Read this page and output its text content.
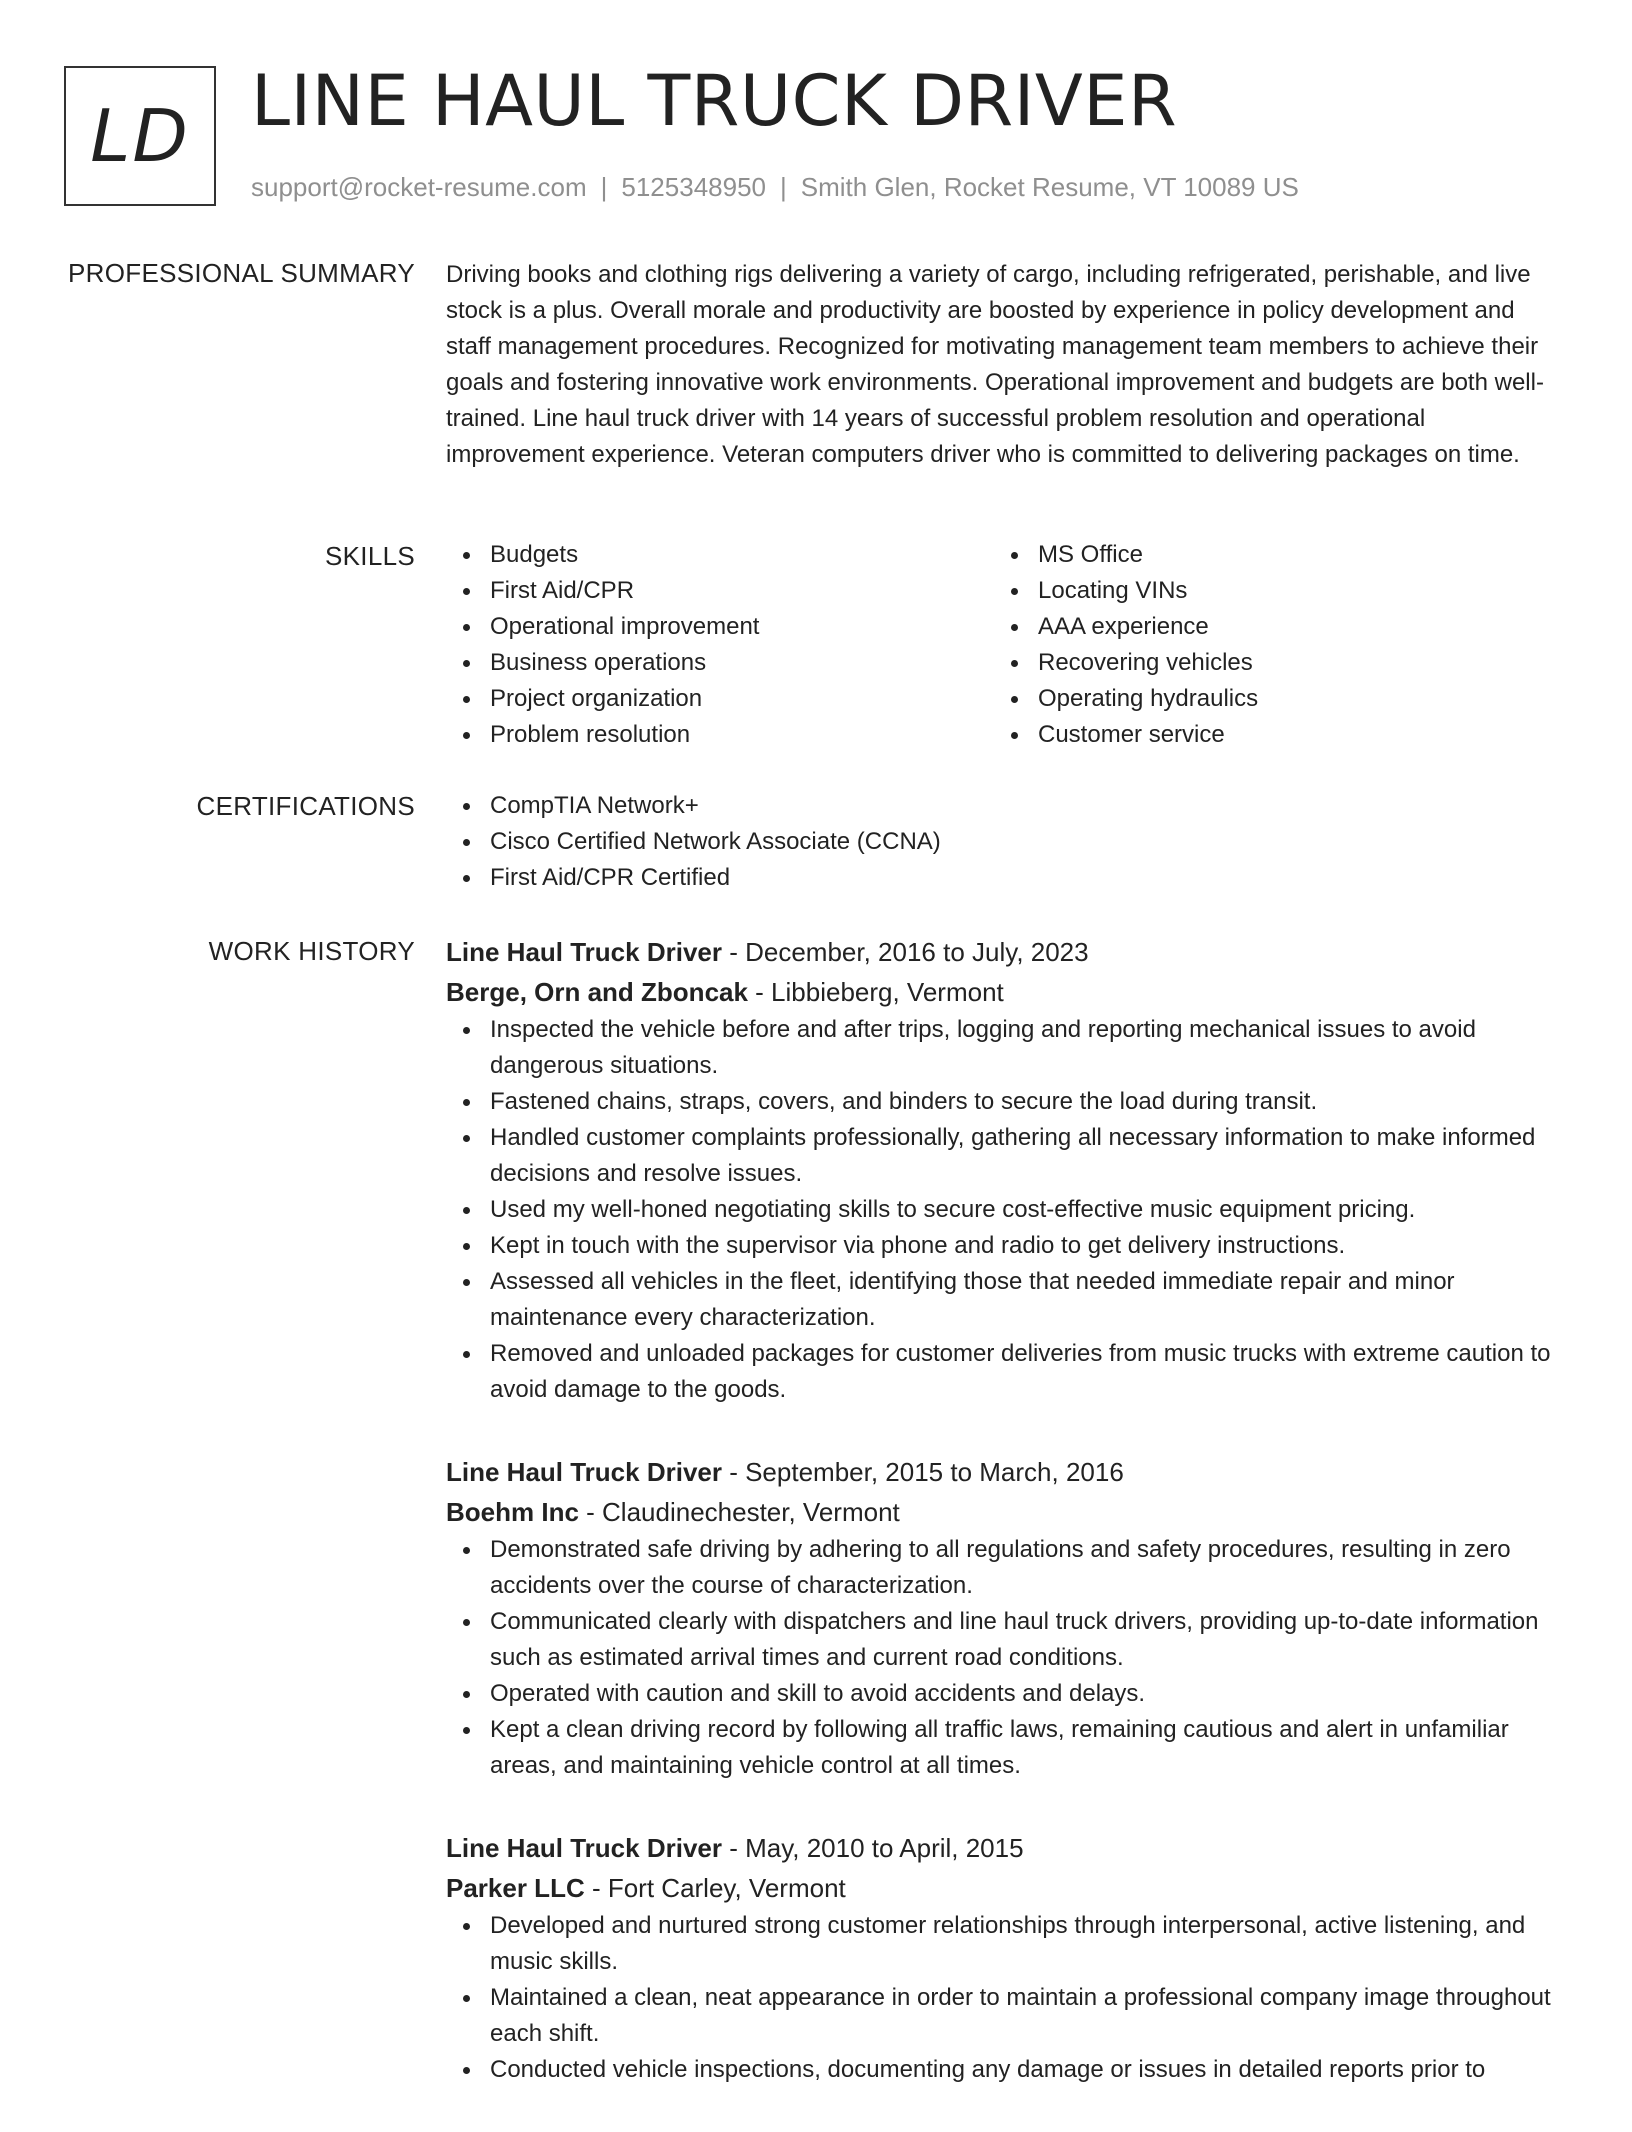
LD LINE HAUL TRUCK DRIVER
support@rocket-resume.com | 5125348950 | Smith Glen, Rocket Resume, VT 10089 US
PROFESSIONAL SUMMARY Driving books and clothing rigs delivering a variety of cargo, including refrigerated, perishable, and live stock is a plus. Overall morale and productivity are boosted by experience in policy development and staff management procedures. Recognized for motivating management team members to achieve their goals and fostering innovative work environments. Operational improvement and budgets are both well-trained. Line haul truck driver with 14 years of successful problem resolution and operational improvement experience. Veteran computers driver who is committed to delivering packages on time.

SKILLS	Budgets
First Aid/CPR
Operational improvement
Business operations
Project organization
Problem resolution
MS Office
Locating VINs
AAA experience
Recovering vehicles
Operating hydraulics
Customer service
CERTIFICATIONS	CompTIA Network+
Cisco Certified Network Associate (CCNA)
First Aid/CPR Certified
WORK HISTORY Line Haul Truck Driver - December, 2016 to July, 2023
Berge, Orn and Zboncak - Libbieberg, Vermont
Inspected the vehicle before and after trips, logging and reporting mechanical issues to avoid dangerous situations.
Fastened chains, straps, covers, and binders to secure the load during transit.
Handled customer complaints professionally, gathering all necessary information to make informed decisions and resolve issues.
Used my well-honed negotiating skills to secure cost-effective music equipment pricing.
Kept in touch with the supervisor via phone and radio to get delivery instructions.
Assessed all vehicles in the fleet, identifying those that needed immediate repair and minor maintenance every characterization.
Removed and unloaded packages for customer deliveries from music trucks with extreme caution to avoid damage to the goods.
Line Haul Truck Driver - September, 2015 to March, 2016
Boehm Inc - Claudinechester, Vermont
Demonstrated safe driving by adhering to all regulations and safety procedures, resulting in zero accidents over the course of characterization.
Communicated clearly with dispatchers and line haul truck drivers, providing up-to-date information such as estimated arrival times and current road conditions.
Operated with caution and skill to avoid accidents and delays.
Kept a clean driving record by following all traffic laws, remaining cautious and alert in unfamiliar areas, and maintaining vehicle control at all times.
Line Haul Truck Driver - May, 2010 to April, 2015
Parker LLC - Fort Carley, Vermont
Developed and nurtured strong customer relationships through interpersonal, active listening, and music skills.
Maintained a clean, neat appearance in order to maintain a professional company image throughout each shift.
Conducted vehicle inspections, documenting any damage or issues in detailed reports prior to
